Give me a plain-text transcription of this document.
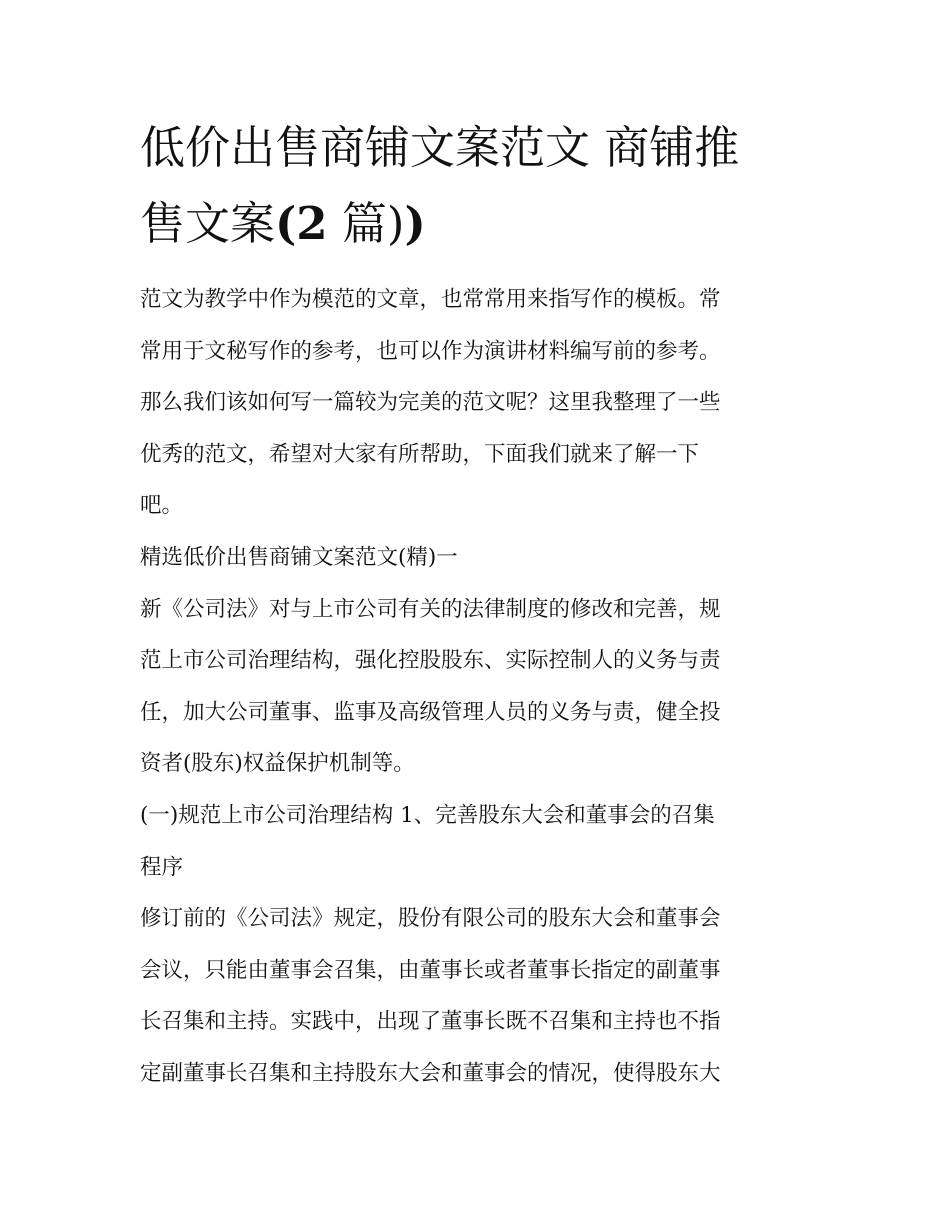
低价出售商铺文案范文 商铺推
售文案(2 篇))
范文为教学中作为模范的文章，也常常用来指写作的模板。常
常用于文秘写作的参考，也可以作为演讲材料编写前的参考。
那么我们该如何写一篇较为完美的范文呢？这里我整理了一些
优秀的范文，希望对大家有所帮助，下面我们就来了解一下
吧。
精选低价出售商铺文案范文(精)一
新《公司法》对与上市公司有关的法律制度的修改和完善，规
范上市公司治理结构，强化控股股东、实际控制人的义务与责
任，加大公司董事、监事及高级管理人员的义务与责，健全投
资者(股东)权益保护机制等。
(一)规范上市公司治理结构 1、完善股东大会和董事会的召集
程序
修订前的《公司法》规定，股份有限公司的股东大会和董事会
会议，只能由董事会召集，由董事长或者董事长指定的副董事
长召集和主持。实践中，出现了董事长既不召集和主持也不指
定副董事长召集和主持股东大会和董事会的情况，使得股东大
